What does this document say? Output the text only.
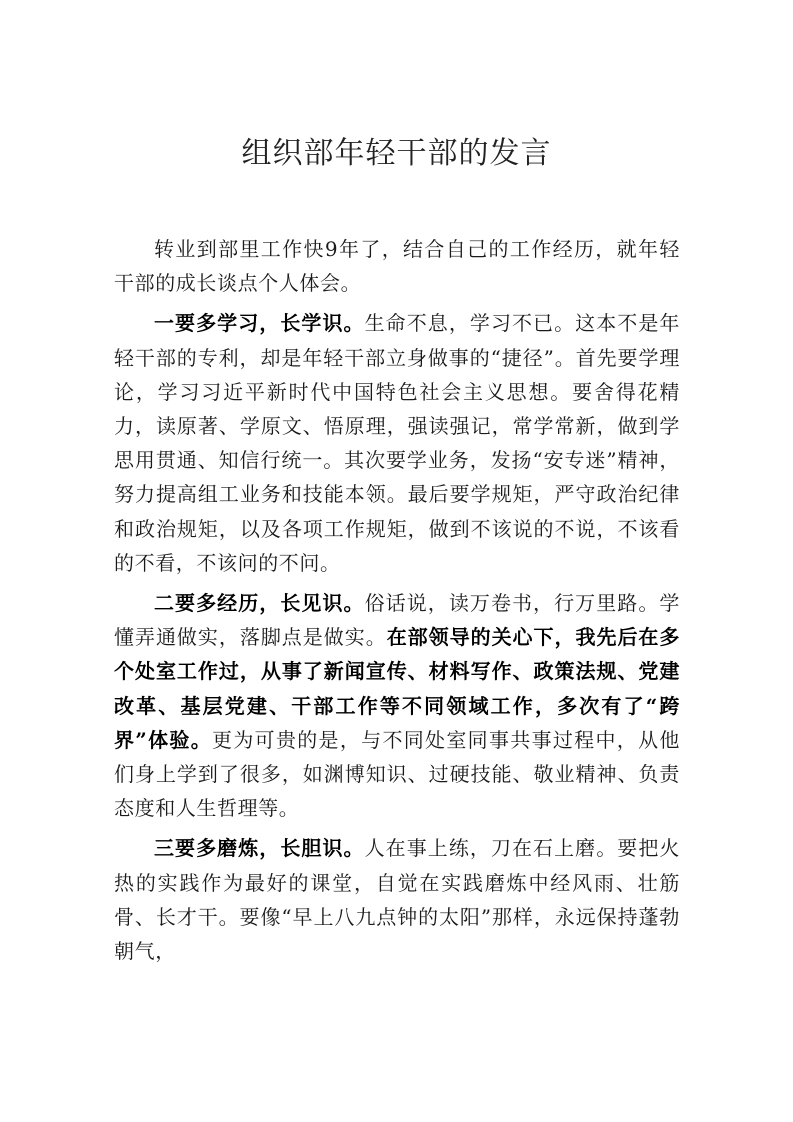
组织部年轻干部的发言

转业到部里工作快9年了，结合自己的工作经历，就年轻干部的成长谈点个人体会。

一要多学习，长学识。生命不息，学习不已。这本不是年轻干部的专利，却是年轻干部立身做事的“捷径”。首先要学理论，学习习近平新时代中国特色社会主义思想。要舍得花精力，读原著、学原文、悟原理，强读强记，常学常新，做到学思用贯通、知信行统一。其次要学业务，发扬“安专迷”精神，努力提高组工业务和技能本领。最后要学规矩，严守政治纪律和政治规矩，以及各项工作规矩，做到不该说的不说，不该看的不看，不该问的不问。

二要多经历，长见识。俗话说，读万卷书，行万里路。学懂弄通做实，落脚点是做实。在部领导的关心下，我先后在多个处室工作过，从事了新闻宣传、材料写作、政策法规、党建改革、基层党建、干部工作等不同领域工作，多次有了“跨界”体验。更为可贵的是，与不同处室同事共事过程中，从他们身上学到了很多，如渊博知识、过硬技能、敬业精神、负责态度和人生哲理等。

三要多磨炼，长胆识。人在事上练，刀在石上磨。要把火热的实践作为最好的课堂，自觉在实践磨炼中经风雨、壮筋骨、长才干。要像“早上八九点钟的太阳”那样，永远保持蓬勃朝气，
